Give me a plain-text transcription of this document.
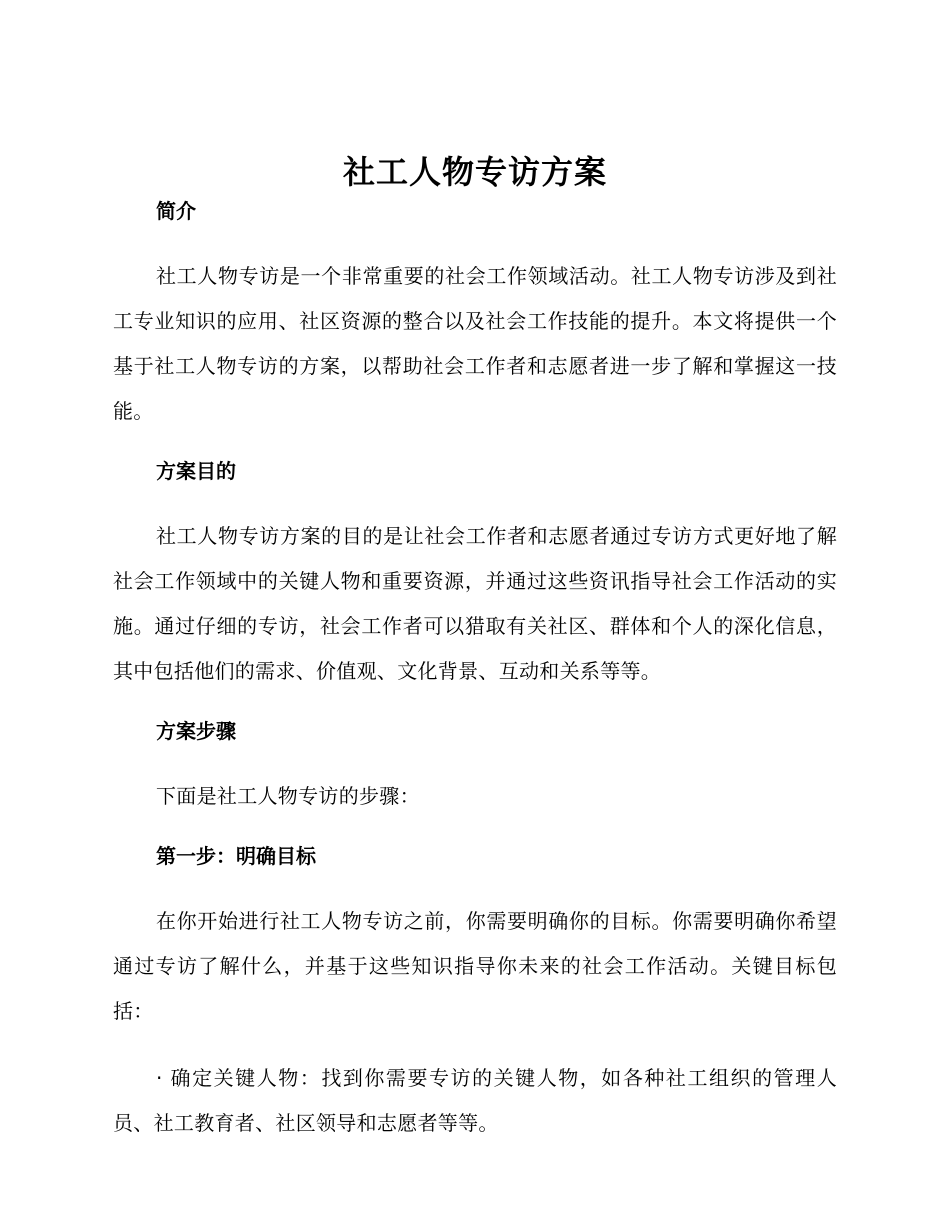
社工人物专访方案
简介

社工人物专访是一个非常重要的社会工作领域活动。社工人物专访涉及到社工专业知识的应用、社区资源的整合以及社会工作技能的提升。本文将提供一个基于社工人物专访的方案，以帮助社会工作者和志愿者进一步了解和掌握这一技能。

方案目的

社工人物专访方案的目的是让社会工作者和志愿者通过专访方式更好地了解社会工作领域中的关键人物和重要资源，并通过这些资讯指导社会工作活动的实施。通过仔细的专访，社会工作者可以猎取有关社区、群体和个人的深化信息，其中包括他们的需求、价值观、文化背景、互动和关系等等。

方案步骤

下面是社工人物专访的步骤：

第一步：明确目标

在你开始进行社工人物专访之前，你需要明确你的目标。你需要明确你希望通过专访了解什么，并基于这些知识指导你未来的社会工作活动。关键目标包括：

· 确定关键人物：找到你需要专访的关键人物，如各种社工组织的管理人员、社工教育者、社区领导和志愿者等等。
